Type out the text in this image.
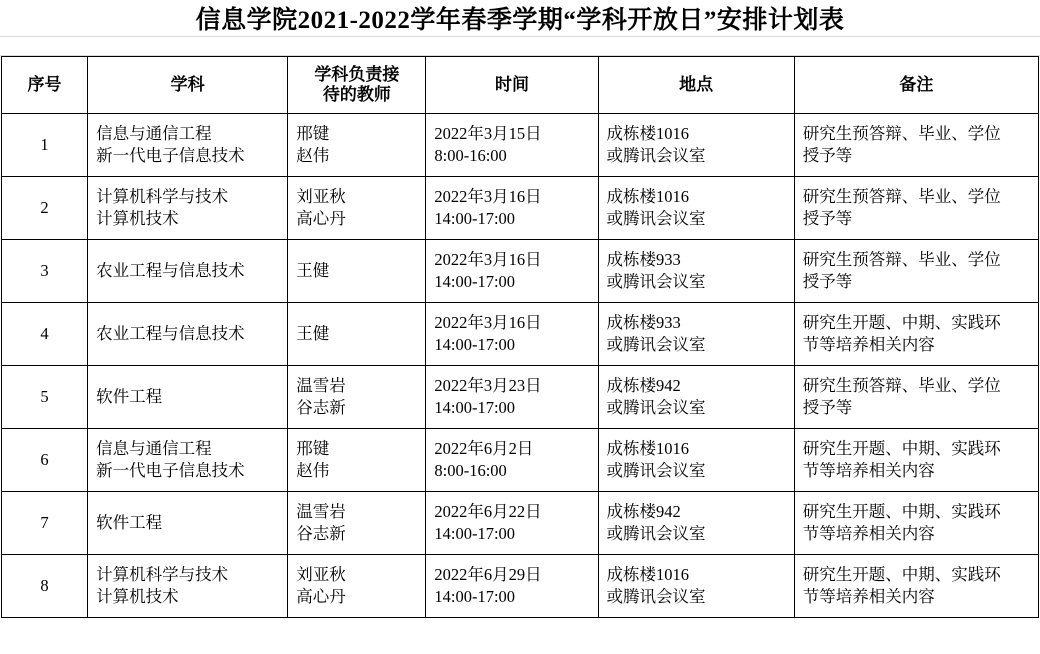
信息学院2021-2022学年春季学期“学科开放日”安排计划表
序号	学科	学科负责接
待的教师	时间	地点	备注

1	信息与通信工程
新一代电子信息技术	邢键
赵伟	2022年3月15日
8:00-16:00	成栋楼1016
或腾讯会议室	研究生预答辩、毕业、学位
授予等

2	计算机科学与技术
计算机技术	刘亚秋
高心丹	2022年3月16日
14:00-17:00	成栋楼1016
或腾讯会议室	研究生预答辩、毕业、学位
授予等

3	农业工程与信息技术	王健	2022年3月16日
14:00-17:00	成栋楼933
或腾讯会议室	研究生预答辩、毕业、学位
授予等

4	农业工程与信息技术	王健	2022年3月16日
14:00-17:00	成栋楼933
或腾讯会议室	研究生开题、中期、实践环
节等培养相关内容

5	软件工程	温雪岩
谷志新	2022年3月23日
14:00-17:00	成栋楼942
或腾讯会议室	研究生预答辩、毕业、学位
授予等

6	信息与通信工程
新一代电子信息技术	邢键
赵伟	2022年6月2日
8:00-16:00	成栋楼1016
或腾讯会议室	研究生开题、中期、实践环
节等培养相关内容

7	软件工程	温雪岩
谷志新	2022年6月22日
14:00-17:00	成栋楼942
或腾讯会议室	研究生开题、中期、实践环
节等培养相关内容

8	计算机科学与技术
计算机技术	刘亚秋
高心丹	2022年6月29日
14:00-17:00	成栋楼1016
或腾讯会议室	研究生开题、中期、实践环
节等培养相关内容
